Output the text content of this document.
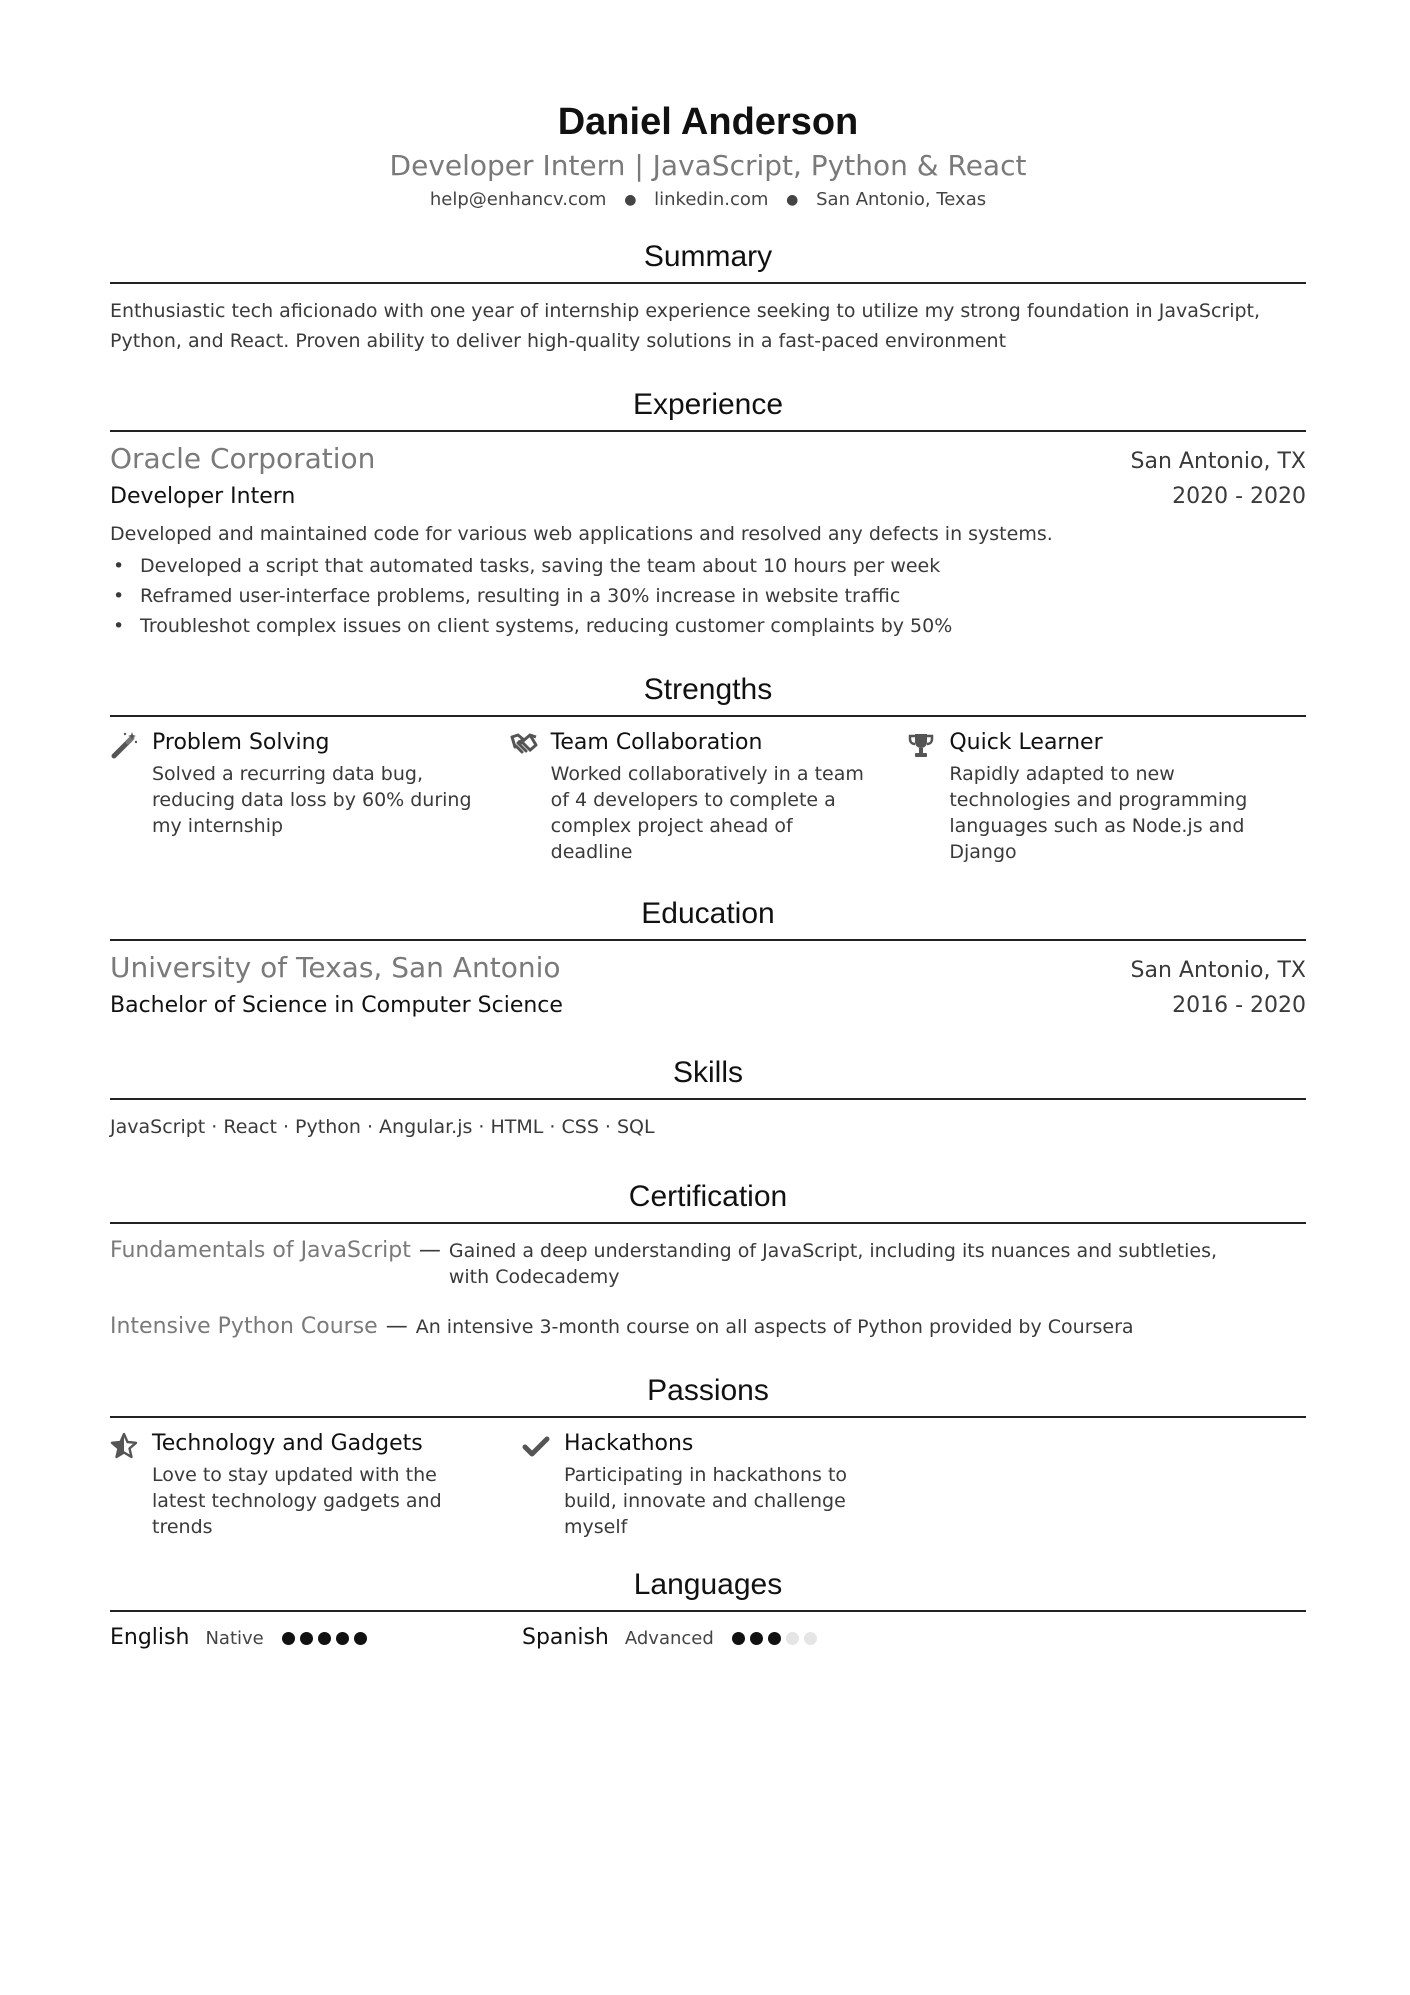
Daniel Anderson
Developer Intern | JavaScript, Python & React
help@enhancv.com ● linkedin.com ● San Antonio, Texas
Summary
Enthusiastic tech aficionado with one year of internship experience seeking to utilize my strong foundation in JavaScript, Python, and React. Proven ability to deliver high-quality solutions in a fast-paced environment
Experience
Oracle Corporation	San Antonio, TX
Developer Intern	2020 - 2020
Developed and maintained code for various web applications and resolved any defects in systems.
• Developed a script that automated tasks, saving the team about 10 hours per week
• Reframed user-interface problems, resulting in a 30% increase in website traffic
• Troubleshot complex issues on client systems, reducing customer complaints by 50%
Strengths
Problem Solving
Solved a recurring data bug, reducing data loss by 60% during my internship
Team Collaboration
Worked collaboratively in a team of 4 developers to complete a complex project ahead of deadline
Quick Learner
Rapidly adapted to new technologies and programming languages such as Node.js and Django
Education
University of Texas, San Antonio	San Antonio, TX
Bachelor of Science in Computer Science	2016 - 2020
Skills
JavaScript · React · Python · Angular.js · HTML · CSS · SQL
Certification
Fundamentals of JavaScript — Gained a deep understanding of JavaScript, including its nuances and subtleties, with Codecademy
Intensive Python Course — An intensive 3-month course on all aspects of Python provided by Coursera
Passions
Technology and Gadgets
Love to stay updated with the latest technology gadgets and trends
Hackathons
Participating in hackathons to build, innovate and challenge myself
Languages
English Native	Spanish Advanced
